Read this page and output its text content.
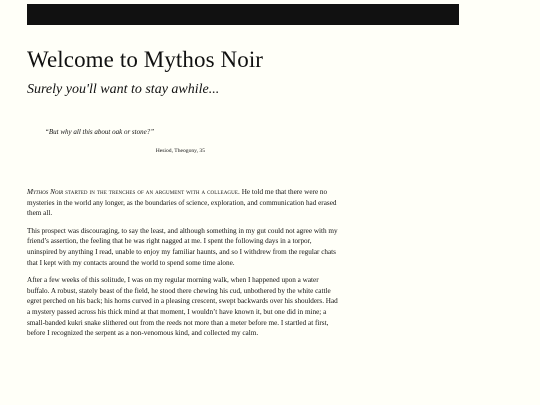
Welcome to Mythos Noir
Surely you'll want to stay awhile...

“But why all this about oak or stone?”

Hesiod, Theogony, 35

Mythos Noir started in the trenches of an argument with a colleague. He told me that there were no mysteries in the world any longer, as the boundaries of science, exploration, and communication had erased them all.

This prospect was discouraging, to say the least, and although something in my gut could not agree with my friend’s assertion, the feeling that he was right nagged at me. I spent the following days in a torpor, uninspired by anything I read, unable to enjoy my familiar haunts, and so I withdrew from the regular chats that I kept with my contacts around the world to spend some time alone.

After a few weeks of this solitude, I was on my regular morning walk, when I happened upon a water buffalo. A robust, stately beast of the field, he stood there chewing his cud, unbothered by the white cattle egret perched on his back; his horns curved in a pleasing crescent, swept backwards over his shoulders. Had a mystery passed across his thick mind at that moment, I wouldn’t have known it, but one did in mine; a small-banded kukri snake slithered out from the reeds not more than a meter before me. I startled at first, before I recognized the serpent as a non-venomous kind, and collected my calm.
